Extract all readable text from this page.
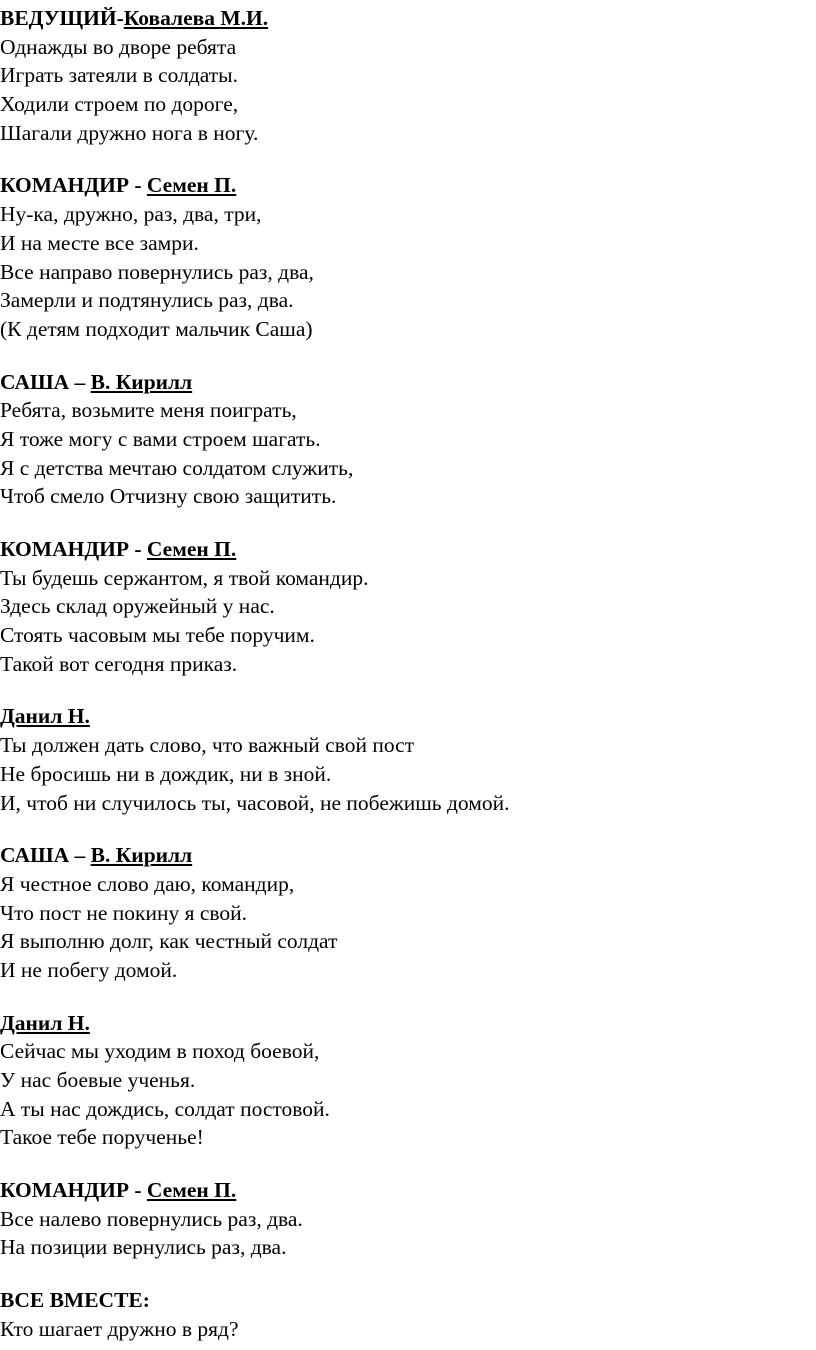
ВЕДУЩИЙ-Ковалева М.И.
Однажды во дворе ребята
Играть затеяли в солдаты.
Ходили строем по дороге,
Шагали дружно нога в ногу.
КОМАНДИР - Семен П.
Ну-ка, дружно, раз, два, три,
И на месте все замри.
Все направо повернулись раз, два,
Замерли и подтянулись раз, два.
(К детям подходит мальчик Саша)
САША – В. Кирилл
Ребята, возьмите меня поиграть,
Я тоже могу с вами строем шагать.
Я с детства мечтаю солдатом служить,
Чтоб смело Отчизну свою защитить.
КОМАНДИР - Семен П.
Ты будешь сержантом, я твой командир.
Здесь склад оружейный у нас.
Стоять часовым мы тебе поручим.
Такой вот сегодня приказ.
Данил Н.
Ты должен дать слово, что важный свой пост
Не бросишь ни в дождик, ни в зной.
И, чтоб ни случилось ты, часовой, не побежишь домой.
САША – В. Кирилл
Я честное слово даю, командир,
Что пост не покину я свой.
Я выполню долг, как честный солдат
И не побегу домой.
Данил Н.
Сейчас мы уходим в поход боевой,
У нас боевые ученья.
А ты нас дождись, солдат постовой.
Такое тебе порученье!
КОМАНДИР - Семен П.
Все налево повернулись раз, два.
На позиции вернулись раз, два.
ВСЕ ВМЕСТЕ:
Кто шагает дружно в ряд?
